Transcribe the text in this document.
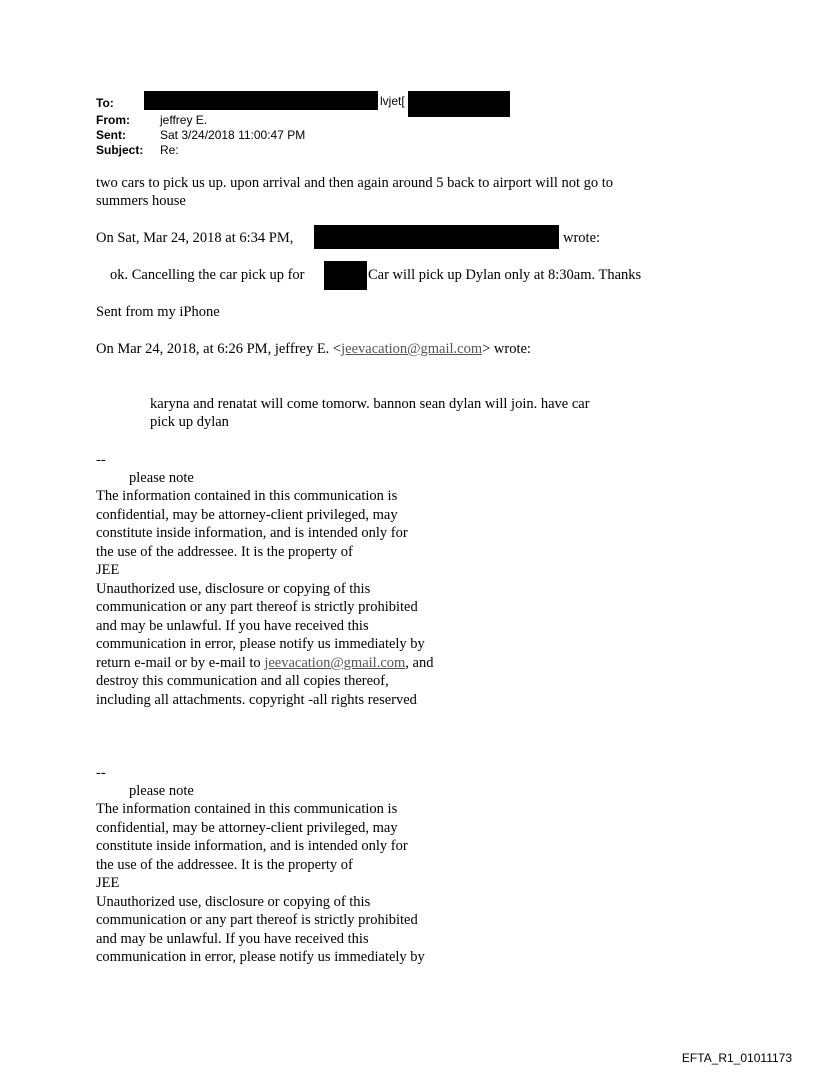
To:	lvjet[
From:	jeffrey E.
Sent:	Sat 3/24/2018 11:00:47 PM
Subject: Re:
two cars to pick us up. upon arrival and then again around 5 back to airport will not go to
summers house
On Sat, Mar 24, 2018 at 6:34 PM,	wrote:
ok. Cancelling the car pick up for	Car will pick up Dylan only at 8:30am. Thanks
Sent from my iPhone
On Mar 24, 2018, at 6:26 PM, jeffrey E. <jeevacation@gmail.com> wrote:
karyna and renatat will come tomorw. bannon sean dylan will join. have car
pick up dylan
--
please note
The information contained in this communication is
confidential, may be attorney-client privileged, may
constitute inside information, and is intended only for
the use of the addressee. It is the property of
JEE
Unauthorized use, disclosure or copying of this
communication or any part thereof is strictly prohibited
and may be unlawful. If you have received this
communication in error, please notify us immediately by
return e-mail or by e-mail to jeevacation@gmail.com, and
destroy this communication and all copies thereof,
including all attachments. copyright -all rights reserved
--
please note
The information contained in this communication is
confidential, may be attorney-client privileged, may
constitute inside information, and is intended only for
the use of the addressee. It is the property of
JEE
Unauthorized use, disclosure or copying of this
communication or any part thereof is strictly prohibited
and may be unlawful. If you have received this
communication in error, please notify us immediately by
EFTA_R1_01011173
